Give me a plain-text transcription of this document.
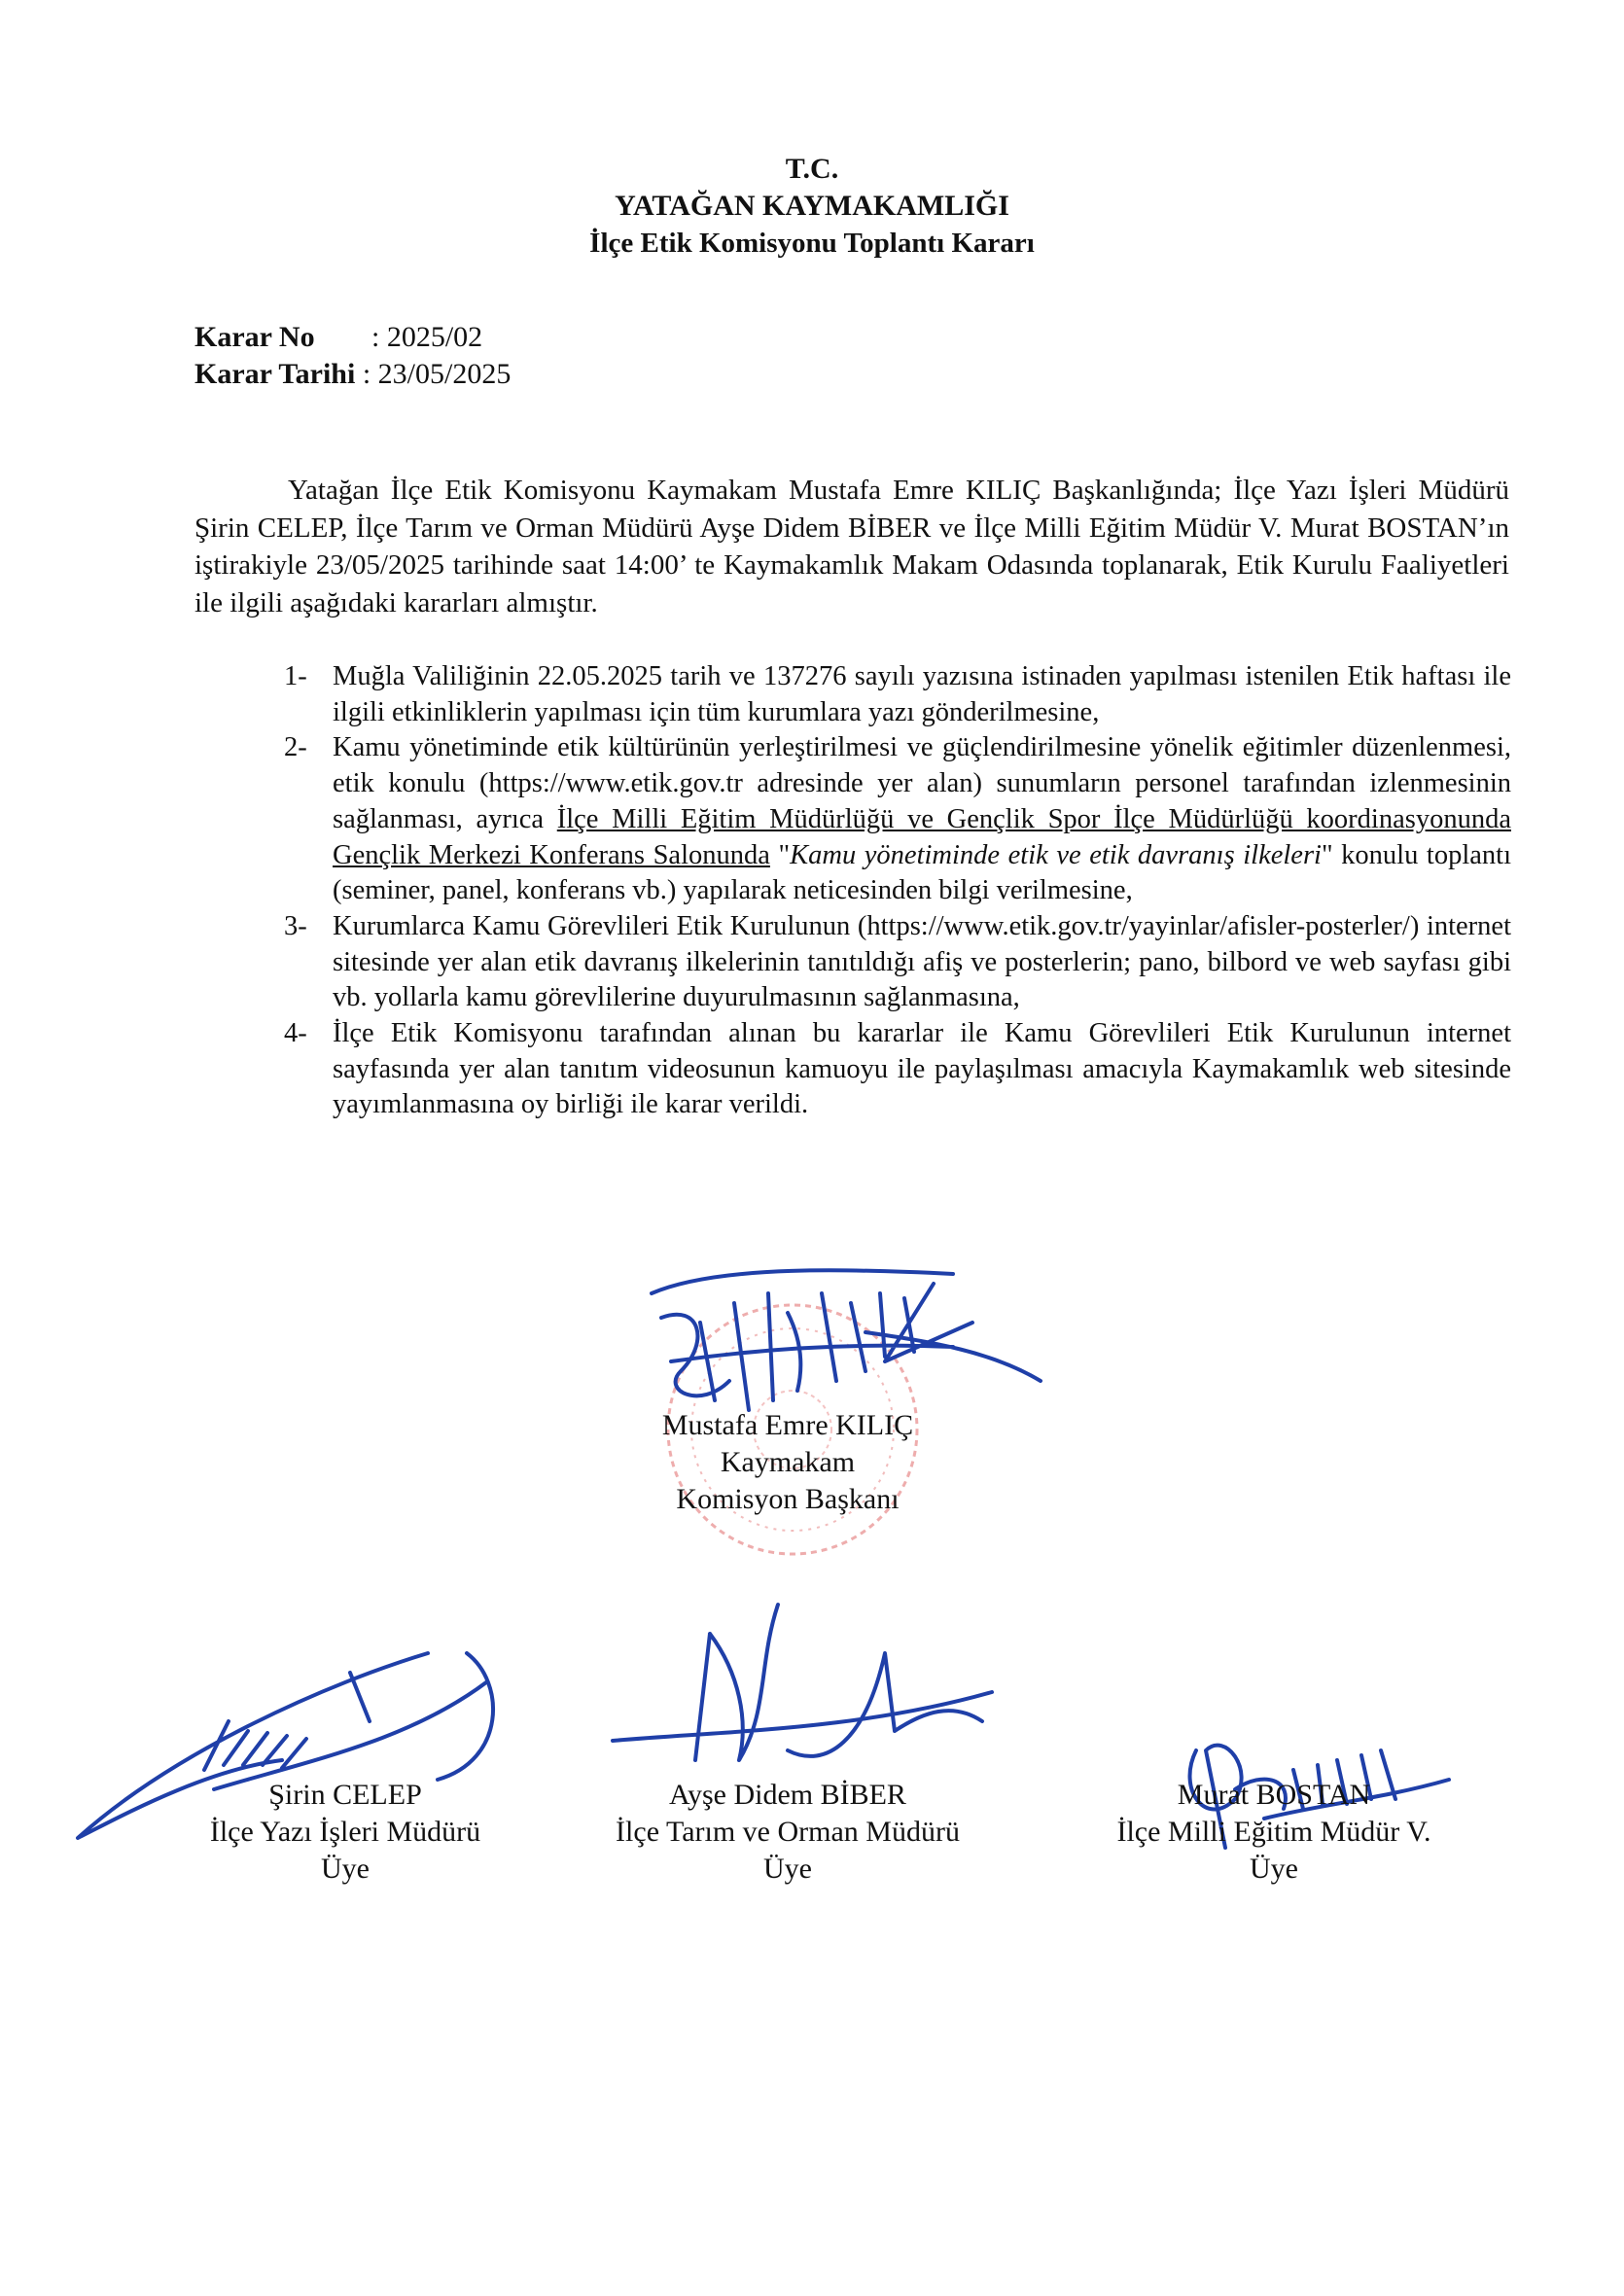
T.C.
YATAĞAN KAYMAKAMLIĞI
İlçe Etik Komisyonu Toplantı Kararı
Karar No : 2025/02
Karar Tarihi : 23/05/2025
Yatağan İlçe Etik Komisyonu Kaymakam Mustafa Emre KILIÇ Başkanlığında; İlçe Yazı İşleri Müdürü Şirin CELEP, İlçe Tarım ve Orman Müdürü Ayşe Didem BİBER ve İlçe Milli Eğitim Müdür V. Murat BOSTAN’ın iştirakiyle 23/05/2025 tarihinde saat 14:00’ te Kaymakamlık Makam Odasında toplanarak, Etik Kurulu Faaliyetleri ile ilgili aşağıdaki kararları almıştır.
1- Muğla Valiliğinin 22.05.2025 tarih ve 137276 sayılı yazısına istinaden yapılması istenilen Etik haftası ile ilgili etkinliklerin yapılması için tüm kurumlara yazı gönderilmesine,
2- Kamu yönetiminde etik kültürünün yerleştirilmesi ve güçlendirilmesine yönelik eğitimler düzenlenmesi, etik konulu (https://www.etik.gov.tr adresinde yer alan) sunumların personel tarafından izlenmesinin sağlanması, ayrıca İlçe Milli Eğitim Müdürlüğü ve Gençlik Spor İlçe Müdürlüğü koordinasyonunda Gençlik Merkezi Konferans Salonunda "Kamu yönetiminde etik ve etik davranış ilkeleri" konulu toplantı (seminer, panel, konferans vb.) yapılarak neticesinden bilgi verilmesine,
3- Kurumlarca Kamu Görevlileri Etik Kurulunun (https://www.etik.gov.tr/yayinlar/afisler-posterler/) internet sitesinde yer alan etik davranış ilkelerinin tanıtıldığı afiş ve posterlerin; pano, bilbord ve web sayfası gibi vb. yollarla kamu görevlilerine duyurulmasının sağlanmasına,
4- İlçe Etik Komisyonu tarafından alınan bu kararlar ile Kamu Görevlileri Etik Kurulunun internet sayfasında yer alan tanıtım videosunun kamuoyu ile paylaşılması amacıyla Kaymakamlık web sitesinde yayımlanmasına oy birliği ile karar verildi.
Mustafa Emre KILIÇ
Kaymakam
Komisyon Başkanı
Şirin CELEP
İlçe Yazı İşleri Müdürü
Üye
Ayşe Didem BİBER
İlçe Tarım ve Orman Müdürü
Üye
Murat BOSTAN
İlçe Milli Eğitim Müdür V.
Üye
